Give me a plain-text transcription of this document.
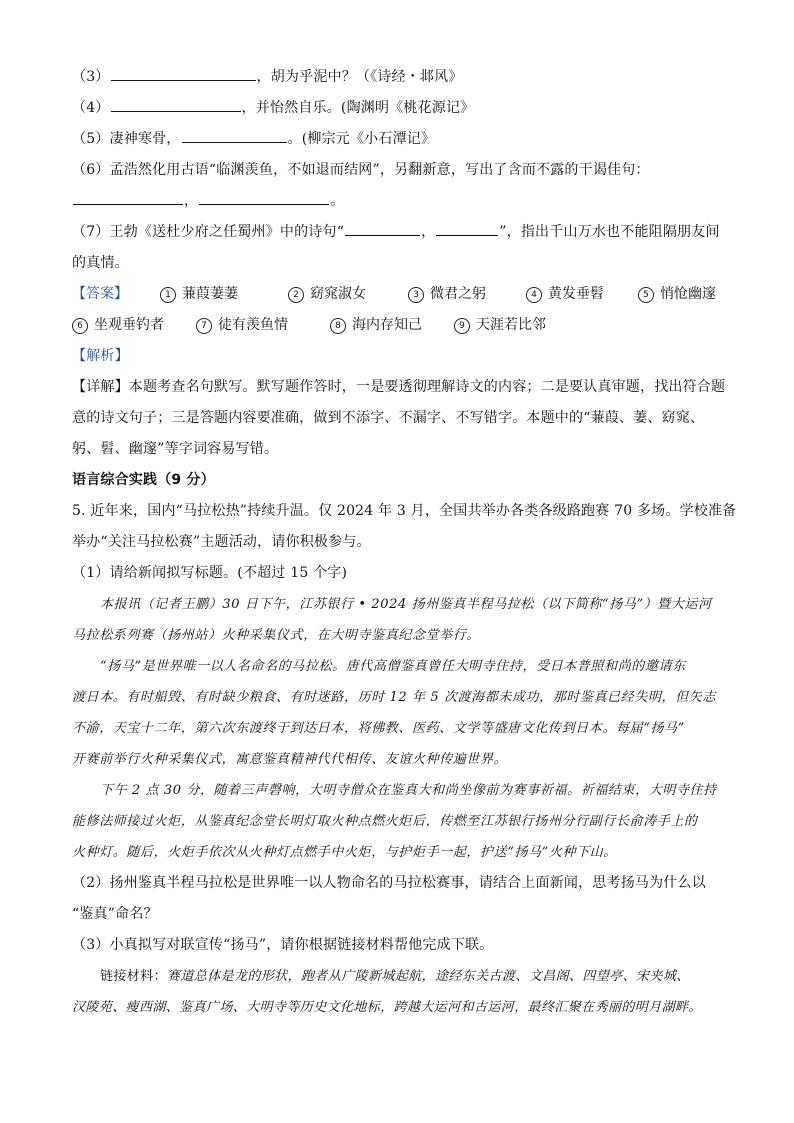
（3）	，胡为乎泥中？（《诗经・邶风》
（4）	，并怡然自乐。(陶渊明《桃花源记》
（5）凄神寒骨，	。(柳宗元《小石潭记》
（6）孟浩然化用古语“临渊羡鱼，不如退而结网”，另翻新意，写出了含而不露的干谒佳句：
，	。
（7）王勃《送杜少府之任蜀州》中的诗句“	，	”，指出千山万水也不能阻隔朋友间
的真情。
【答案】	1 蒹葭萋萋	2 窈窕淑女	3 微君之躬	4 黄发垂髫	5 悄怆幽邃
6 坐观垂钓者	7 徒有羡鱼情	8 海内存知己	9 天涯若比邻
【解析】
【详解】本题考查名句默写。默写题作答时，一是要透彻理解诗文的内容；二是要认真审题，找出符合题
意的诗文句子；三是答题内容要准确，做到不添字、不漏字、不写错字。本题中的“蒹葭、萋、窈窕、
躬、髫、幽邃”等字词容易写错。
语言综合实践（9 分）
5. 近年来，国内“马拉松热”持续升温。仅 2024 年 3 月，全国共举办各类各级路跑赛 70 多场。学校准备
举办“关注马拉松赛”主题活动，请你积极参与。
（1）请给新闻拟写标题。(不超过 15 个字)
本报讯（记者王鹏）30 日下午，江苏银行 • 2024 扬州鉴真半程马拉松（以下简称“扬马”）暨大运河
马拉松系列赛（扬州站）火种采集仪式，在大明寺鉴真纪念堂举行。
“扬马”是世界唯一以人名命名的马拉松。唐代高僧鉴真曾任大明寺住持，受日本普照和尚的邀请东
渡日本。有时船毁、有时缺少粮食、有时迷路，历时 12 年 5 次渡海都未成功，那时鉴真已经失明，但矢志
不渝，天宝十二年，第六次东渡终于到达日本，将佛教、医药、文学等盛唐文化传到日本。每届“扬马”
开赛前举行火种采集仪式，寓意鉴真精神代代相传、友谊火种传遍世界。
下午 2 点 30 分，随着三声磬响，大明寺僧众在鉴真大和尚坐像前为赛事祈福。祈福结束，大明寺住持
能修法师接过火炬，从鉴真纪念堂长明灯取火种点燃火炬后，传燃至江苏银行扬州分行副行长俞涛手上的
火种灯。随后，火炬手依次从火种灯点燃手中火炬，与护炬手一起，护送“扬马”火种下山。
（2）扬州鉴真半程马拉松是世界唯一以人物命名的马拉松赛事，请结合上面新闻，思考扬马为什么以
“鉴真”命名？
（3）小真拟写对联宣传“扬马”，请你根据链接材料帮他完成下联。
链接材料：赛道总体是龙的形状，跑者从广陵新城起航，途经东关古渡、文昌阁、四望亭、宋夹城、
汉陵苑、瘦西湖、鉴真广场、大明寺等历史文化地标，跨越大运河和古运河，最终汇聚在秀丽的明月湖畔。
